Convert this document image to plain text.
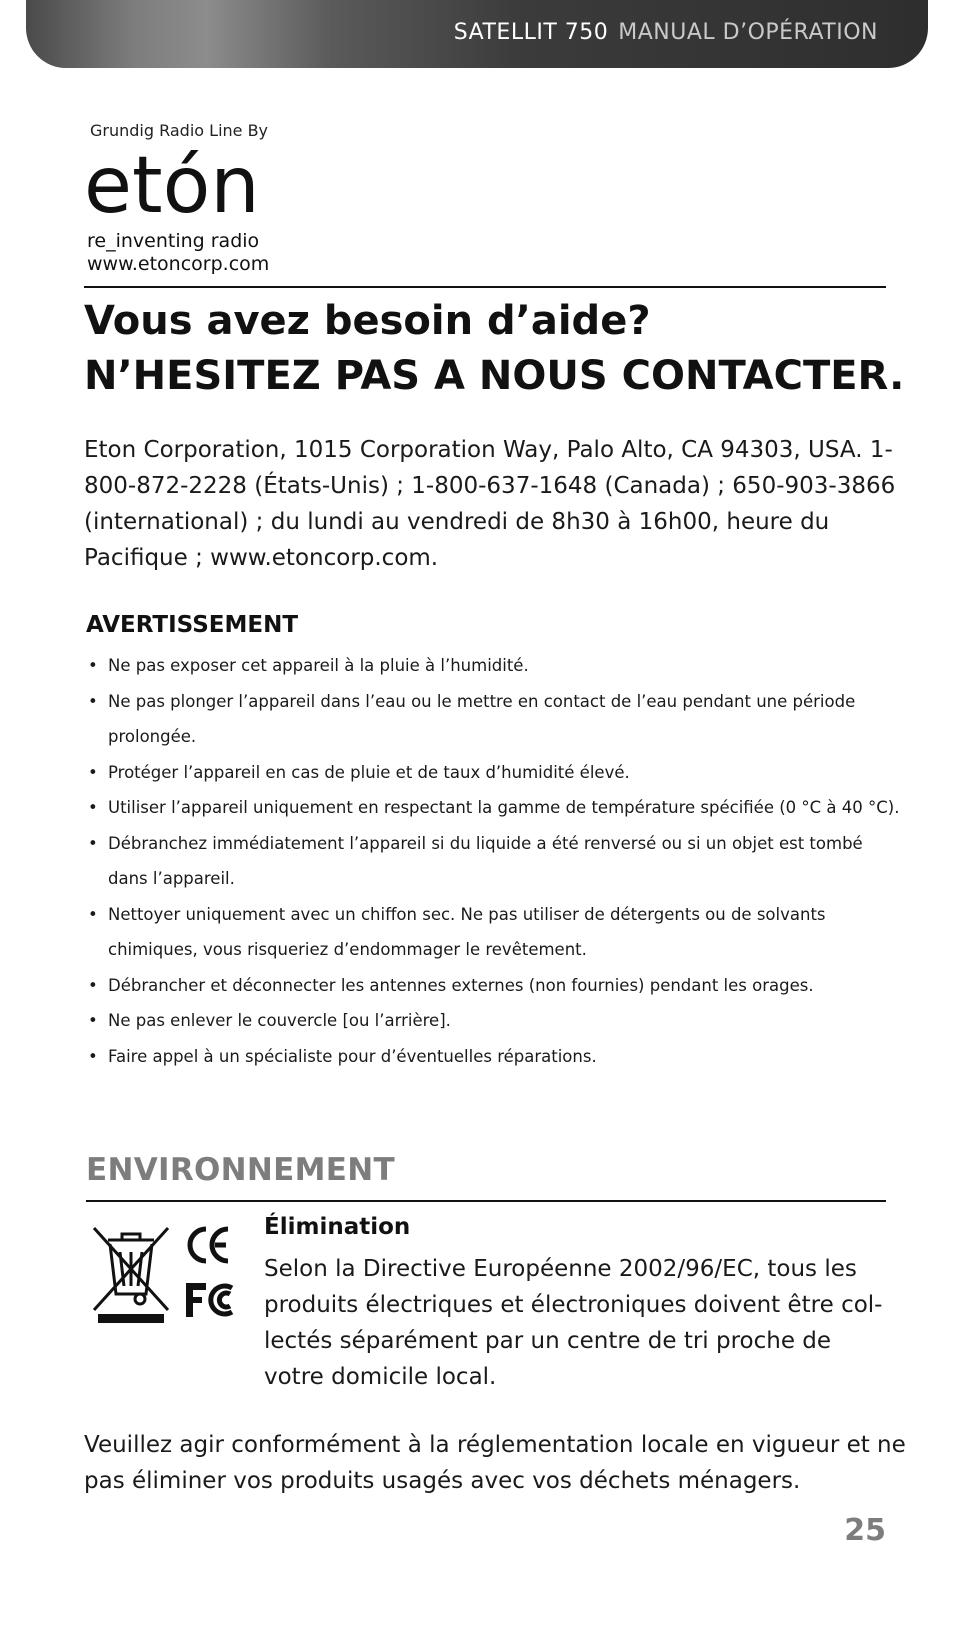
SATELLIT 750 MANUAL D’OPÉRATION
Grundig Radio Line By
etón
re_inventing radio
www.etoncorp.com
Vous avez besoin d’aide?
N’HESITEZ PAS A NOUS CONTACTER.

Eton Corporation, 1015 Corporation Way, Palo Alto, CA 94303, USA. 1-800-872-2228 (États-Unis) ; 1-800-637-1648 (Canada) ; 650-903-3866 (international) ; du lundi au vendredi de 8h30 à 16h00, heure du Pacifique ; www.etoncorp.com.

AVERTISSEMENT
• Ne pas exposer cet appareil à la pluie à l’humidité.
• Ne pas plonger l’appareil dans l’eau ou le mettre en contact de l’eau pendant une période prolongée.
• Protéger l’appareil en cas de pluie et de taux d’humidité élevé.
• Utiliser l’appareil uniquement en respectant la gamme de température spécifiée (0 °C à 40 °C).
• Débranchez immédiatement l’appareil si du liquide a été renversé ou si un objet est tombé dans l’appareil.
• Nettoyer uniquement avec un chiffon sec. Ne pas utiliser de détergents ou de solvants chimiques, vous risqueriez d’endommager le revêtement.
• Débrancher et déconnecter les antennes externes (non fournies) pendant les orages.
• Ne pas enlever le couvercle [ou l’arrière].
• Faire appel à un spécialiste pour d’éventuelles réparations.
ENVIRONNEMENT
Élimination

Selon la Directive Européenne 2002/96/EC, tous les produits électriques et électroniques doivent être col-lectés séparément par un centre de tri proche de votre domicile local.

Veuillez agir conformément à la réglementation locale en vigueur et ne pas éliminer vos produits usagés avec vos déchets ménagers.

25
